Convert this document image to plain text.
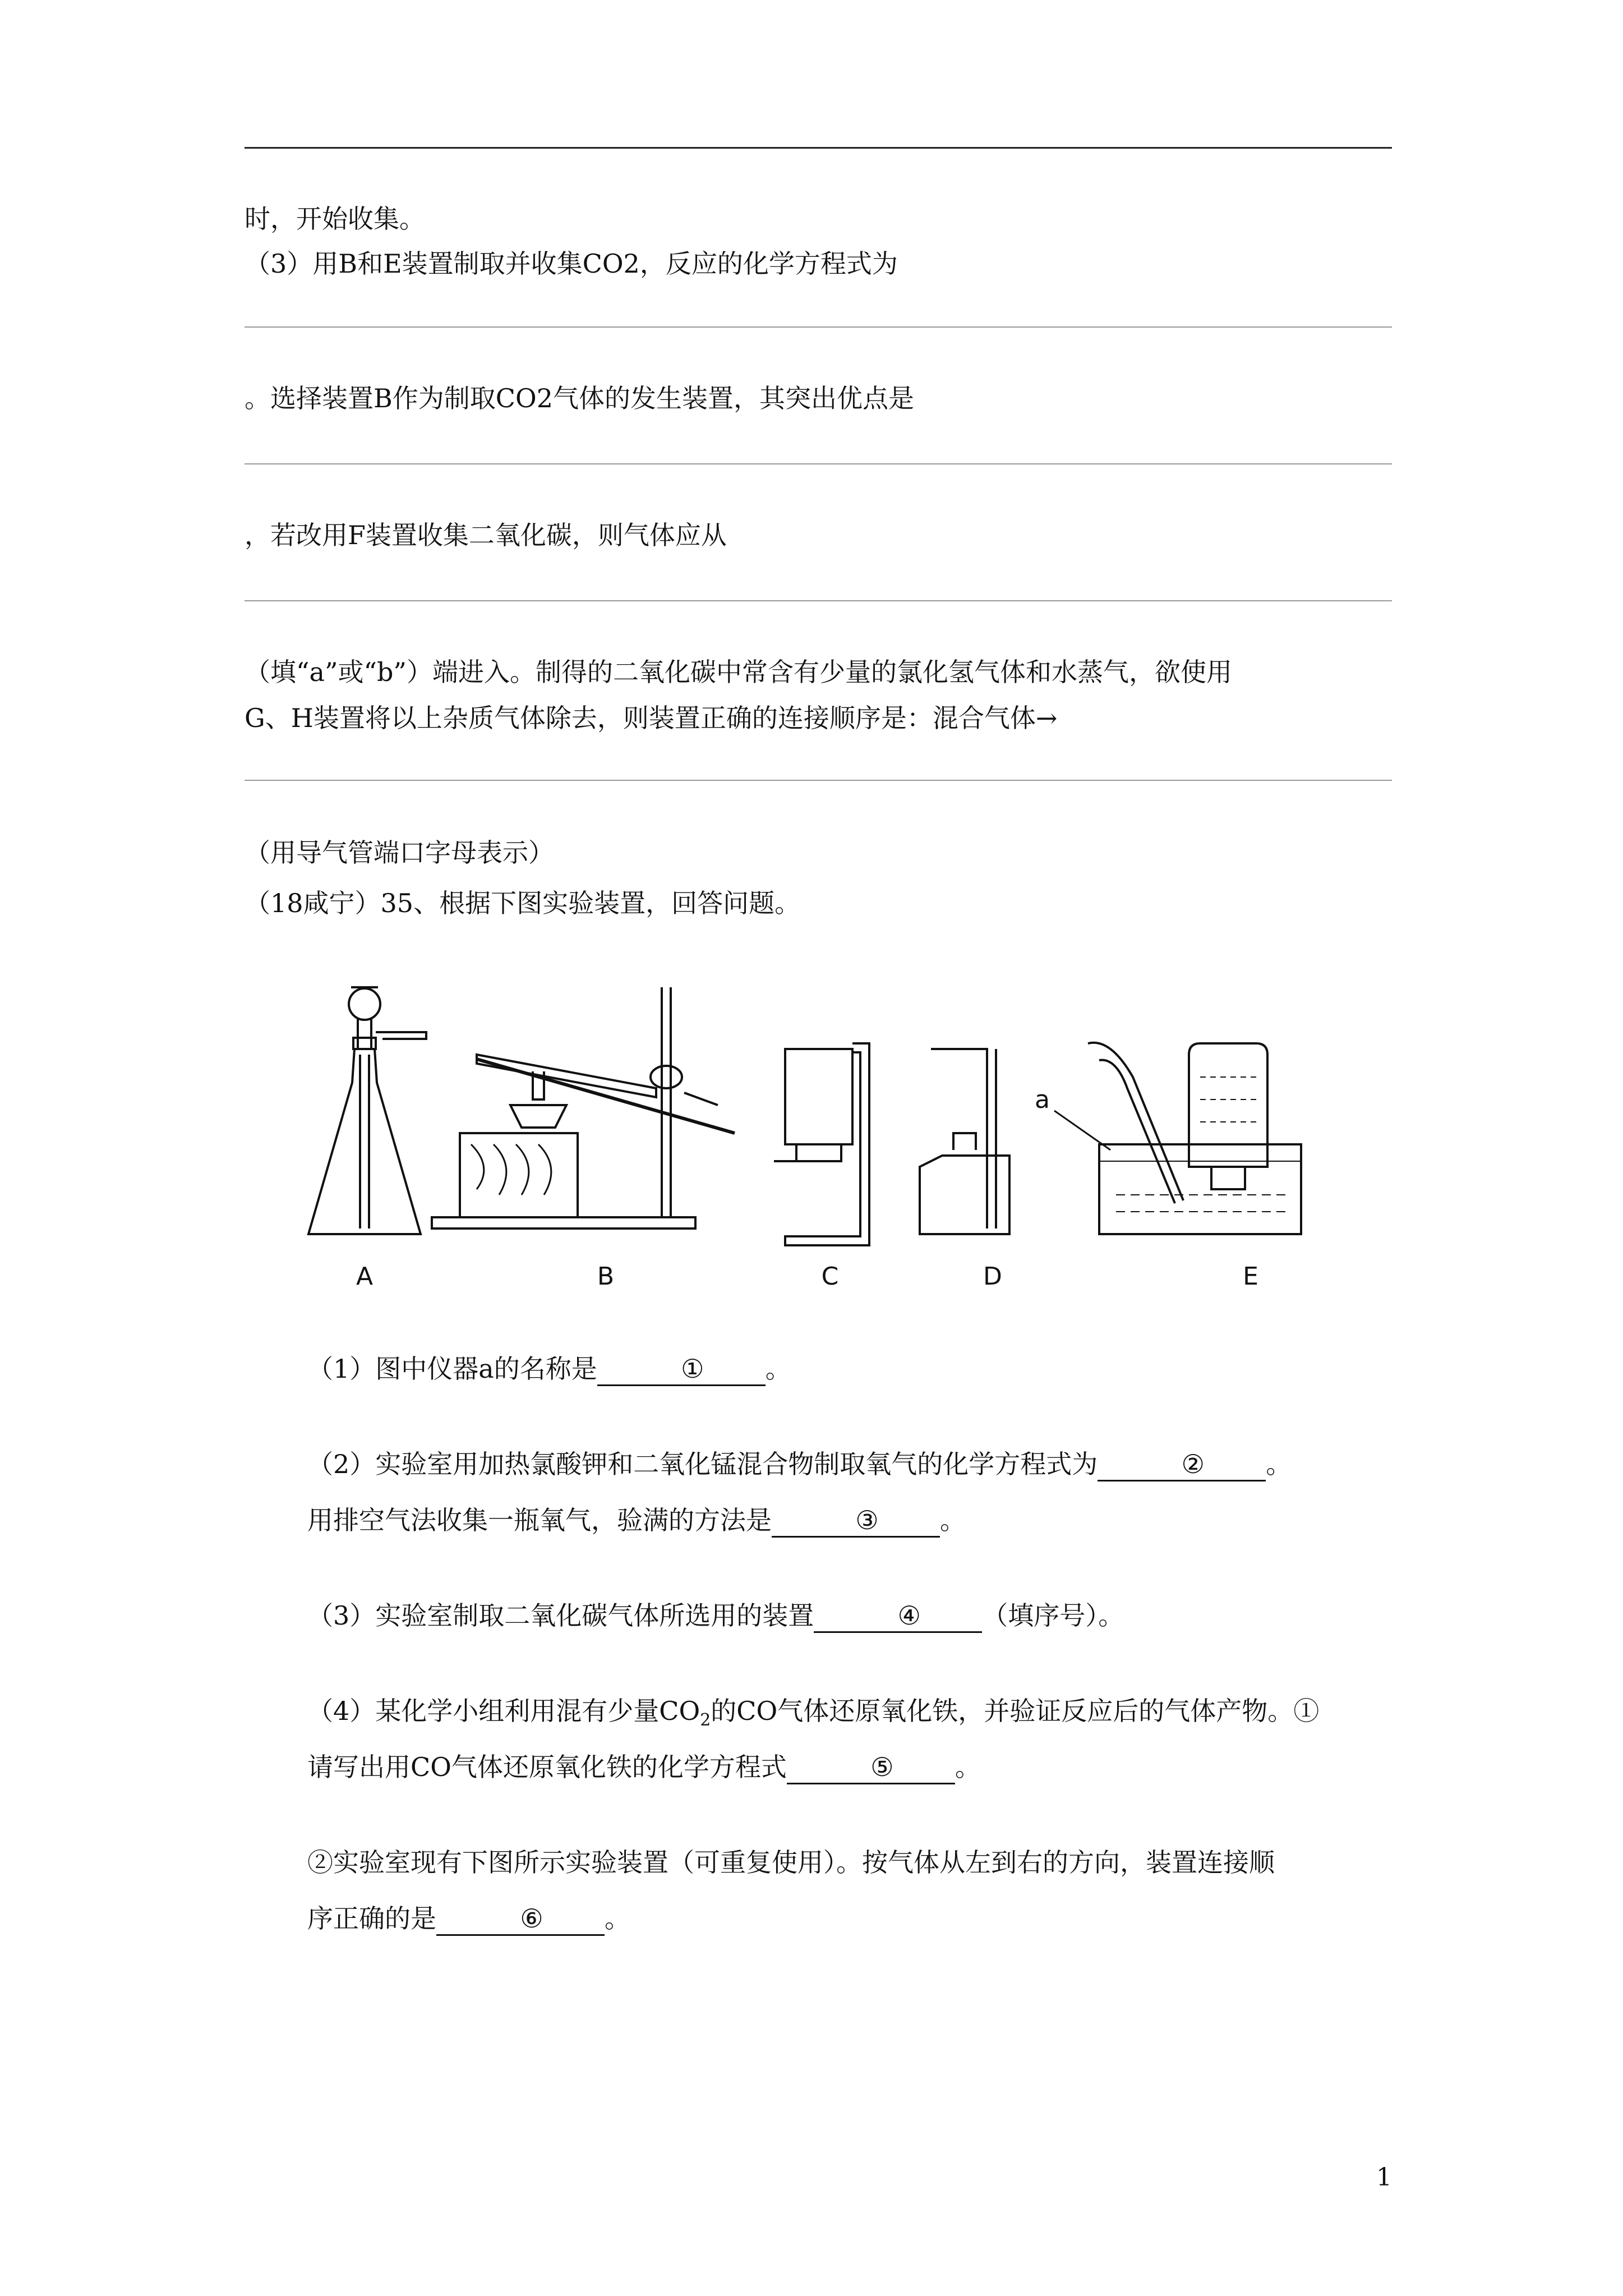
时，开始收集。
（3）用B和E装置制取并收集CO2，反应的化学方程式为
。选择装置B作为制取CO2气体的发生装置，其突出优点是
，若改用F装置收集二氧化碳，则气体应从
（填“a”或“b”）端进入。制得的二氧化碳中常含有少量的氯化氢气体和水蒸气，欲使用
G、H装置将以上杂质气体除去，则装置正确的连接顺序是：混合气体→
（用导气管端口字母表示）
（18咸宁）35、根据下图实验装置，回答问题。
a
A	B	C	D	E
（1）图中仪器a的名称是	① 。
（2）实验室用加热氯酸钾和二氧化锰混合物制取氧气的化学方程式为	② 。
用排空气法收集一瓶氧气，验满的方法是	③ 。
（3）实验室制取二氧化碳气体所选用的装置	④ （填序号）。
（4）某化学小组利用混有少量$CO_2$的CO气体还原氧化铁，并验证反应后的气体产物。①
请写出用CO气体还原氧化铁的化学方程式	⑤ 。
②实验室现有下图所示实验装置（可重复使用）。按气体从左到右的方向，装置连接顺
序正确的是	⑥ 。
1
